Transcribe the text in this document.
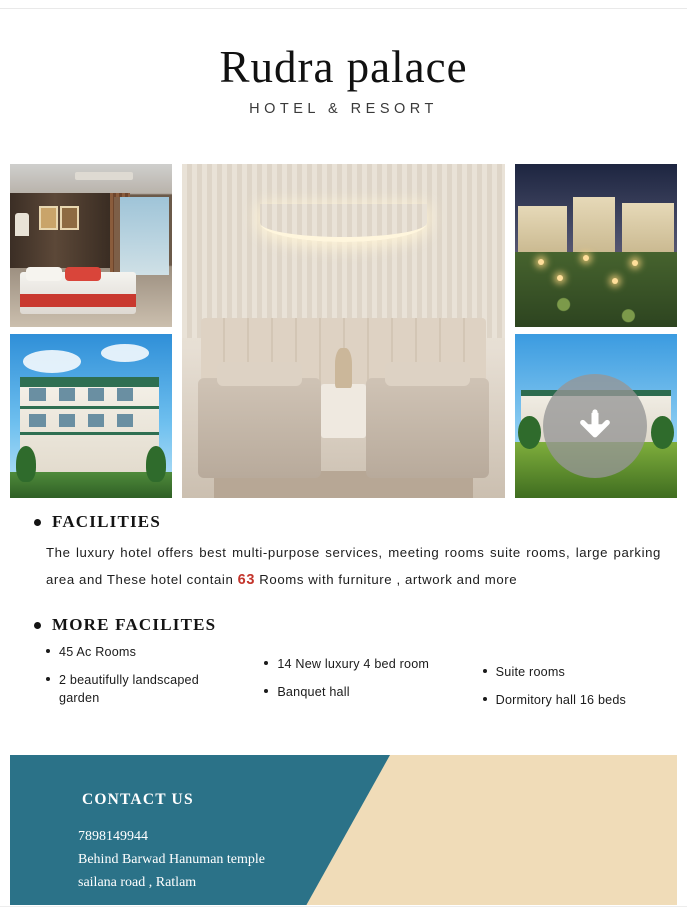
Rudra palace
HOTEL & RESORT
FACILITIES

The luxury hotel offers best multi-purpose services, meeting rooms suite rooms, large parking area and These hotel contain 63 Rooms with furniture , artwork and more

MORE FACILITES
45 Ac Rooms
2 beautifully landscaped garden
14 New luxury 4 bed room
Banquet hall
Suite rooms
Dormitory hall 16 beds
CONTACT US
7898149944
Behind Barwad Hanuman temple
sailana road , Ratlam
